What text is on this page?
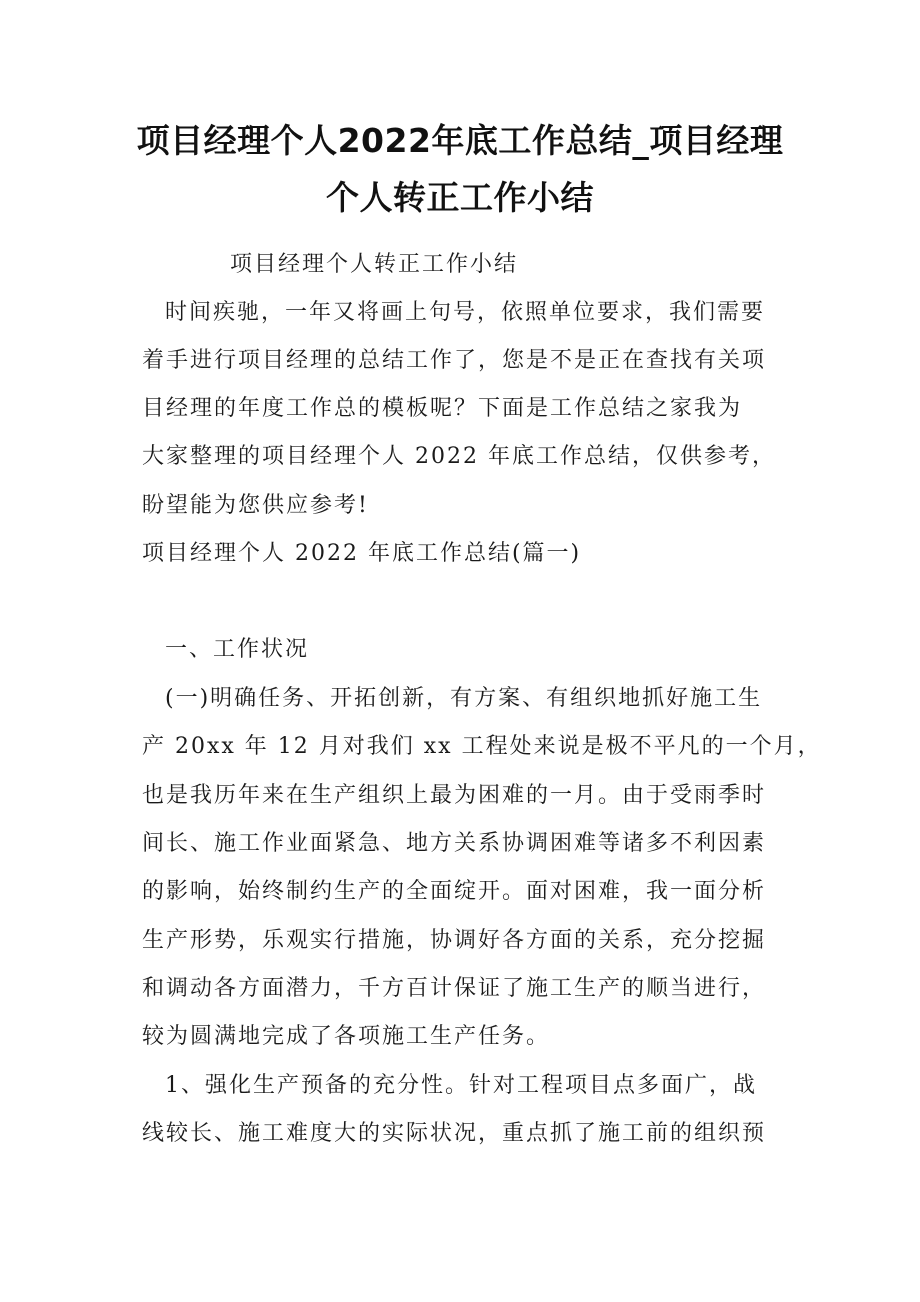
项目经理个人2022年底工作总结_项目经理
个人转正工作小结
项目经理个人转正工作小结
时间疾驰，一年又将画上句号，依照单位要求，我们需要
着手进行项目经理的总结工作了，您是不是正在查找有关项
目经理的年度工作总的模板呢？下面是工作总结之家我为
大家整理的项目经理个人 2022 年底工作总结，仅供参考，
盼望能为您供应参考!
项目经理个人 2022 年底工作总结(篇一)
一、工作状况
(一)明确任务、开拓创新，有方案、有组织地抓好施工生
产 20xx 年 12 月对我们 xx 工程处来说是极不平凡的一个月，
也是我历年来在生产组织上最为困难的一月。由于受雨季时
间长、施工作业面紧急、地方关系协调困难等诸多不利因素
的影响，始终制约生产的全面绽开。面对困难，我一面分析
生产形势，乐观实行措施，协调好各方面的关系，充分挖掘
和调动各方面潜力，千方百计保证了施工生产的顺当进行，
较为圆满地完成了各项施工生产任务。
1、强化生产预备的充分性。针对工程项目点多面广，战
线较长、施工难度大的实际状况，重点抓了施工前的组织预
